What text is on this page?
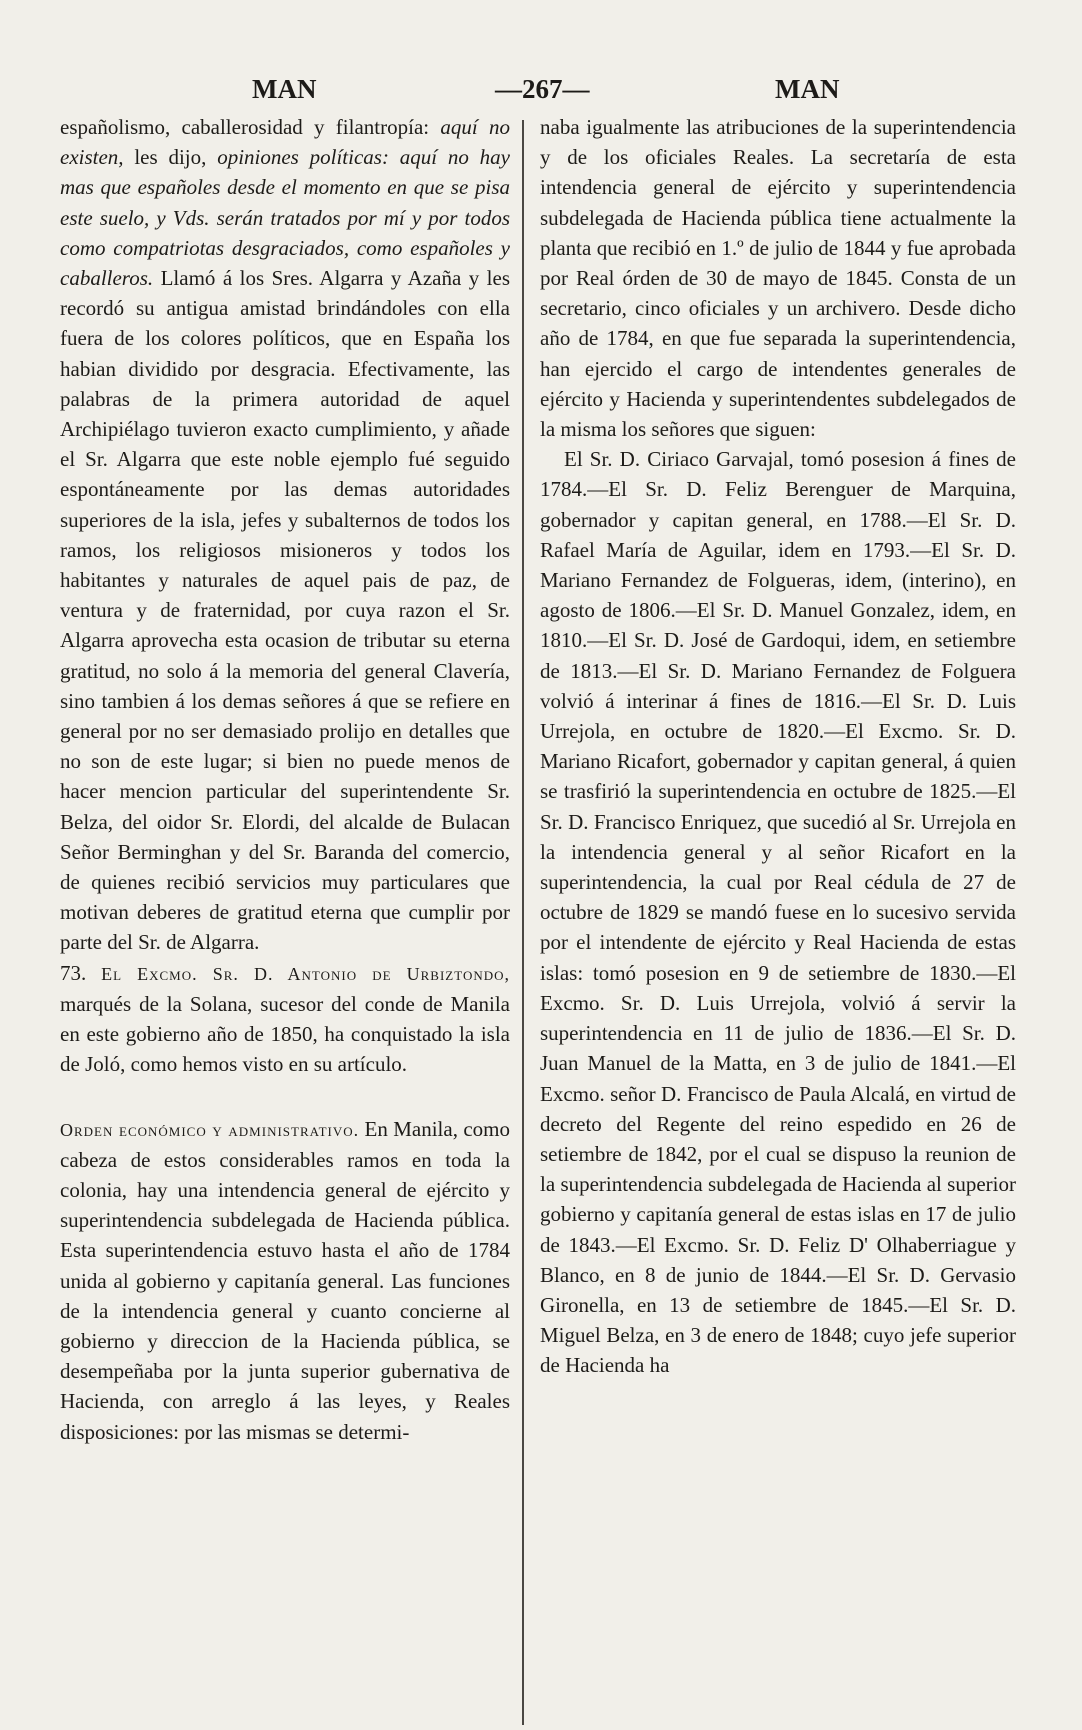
MAN	—267—	MAN

españolismo, caballerosidad y filantropía: aquí no existen, les dijo, opiniones políticas: aquí no hay mas que españoles desde el momento en que se pisa este suelo, y Vds. serán tratados por mí y por todos como compatriotas desgraciados, como españoles y caballeros. Llamó á los Sres. Algarra y Azaña y les recordó su antigua amistad brindándoles con ella fuera de los colores políticos, que en España los habian dividido por desgracia. Efectivamente, las palabras de la primera autoridad de aquel Archipiélago tuvieron exacto cumplimiento, y añade el Sr. Algarra que este noble ejemplo fué seguido espontáneamente por las demas autoridades superiores de la isla, jefes y subalternos de todos los ramos, los religiosos misioneros y todos los habitantes y naturales de aquel pais de paz, de ventura y de fraternidad, por cuya razon el Sr. Algarra aprovecha esta ocasion de tributar su eterna gratitud, no solo á la memoria del general Clavería, sino tambien á los demas señores á que se refiere en general por no ser demasiado prolijo en detalles que no son de este lugar; si bien no puede menos de hacer mencion particular del superintendente Sr. Belza, del oidor Sr. Elordi, del alcalde de Bulacan Señor Berminghan y del Sr. Baranda del comercio, de quienes recibió servicios muy particulares que motivan deberes de gratitud eterna que cumplir por parte del Sr. de Algarra.

73. El Excmo. Sr. D. Antonio de Urbiztondo, marqués de la Solana, sucesor del conde de Manila en este gobierno año de 1850, ha conquistado la isla de Joló, como hemos visto en su artículo.

Orden económico y administrativo. En Manila, como cabeza de estos considerables ramos en toda la colonia, hay una intendencia general de ejército y superintendencia subdelegada de Hacienda pública. Esta superintendencia estuvo hasta el año de 1784 unida al gobierno y capitanía general. Las funciones de la intendencia general y cuanto concierne al gobierno y direccion de la Hacienda pública, se desempeñaba por la junta superior gubernativa de Hacienda, con arreglo á las leyes, y Reales disposiciones: por las mismas se determi-

naba igualmente las atribuciones de la superintendencia y de los oficiales Reales. La secretaría de esta intendencia general de ejército y superintendencia subdelegada de Hacienda pública tiene actualmente la planta que recibió en 1.º de julio de 1844 y fue aprobada por Real órden de 30 de mayo de 1845. Consta de un secretario, cinco oficiales y un archivero. Desde dicho año de 1784, en que fue separada la superintendencia, han ejercido el cargo de intendentes generales de ejército y Hacienda y superintendentes subdelegados de la misma los señores que siguen:

El Sr. D. Ciriaco Garvajal, tomó posesion á fines de 1784.—El Sr. D. Feliz Berenguer de Marquina, gobernador y capitan general, en 1788.—El Sr. D. Rafael María de Aguilar, idem en 1793.—El Sr. D. Mariano Fernandez de Folgueras, idem, (interino), en agosto de 1806.—El Sr. D. Manuel Gonzalez, idem, en 1810.—El Sr. D. José de Gardoqui, idem, en setiembre de 1813.—El Sr. D. Mariano Fernandez de Folguera volvió á interinar á fines de 1816.—El Sr. D. Luis Urrejola, en octubre de 1820.—El Excmo. Sr. D. Mariano Ricafort, gobernador y capitan general, á quien se trasfirió la superintendencia en octubre de 1825.—El Sr. D. Francisco Enriquez, que sucedió al Sr. Urrejola en la intendencia general y al señor Ricafort en la superintendencia, la cual por Real cédula de 27 de octubre de 1829 se mandó fuese en lo sucesivo servida por el intendente de ejército y Real Hacienda de estas islas: tomó posesion en 9 de setiembre de 1830.—El Excmo. Sr. D. Luis Urrejola, volvió á servir la superintendencia en 11 de julio de 1836.—El Sr. D. Juan Manuel de la Matta, en 3 de julio de 1841.—El Excmo. señor D. Francisco de Paula Alcalá, en virtud de decreto del Regente del reino espedido en 26 de setiembre de 1842, por el cual se dispuso la reunion de la superintendencia subdelegada de Hacienda al superior gobierno y capitanía general de estas islas en 17 de julio de 1843.—El Excmo. Sr. D. Feliz D' Olhaberriague y Blanco, en 8 de junio de 1844.—El Sr. D. Gervasio Gironella, en 13 de setiembre de 1845.—El Sr. D. Miguel Belza, en 3 de enero de 1848; cuyo jefe superior de Hacienda ha
